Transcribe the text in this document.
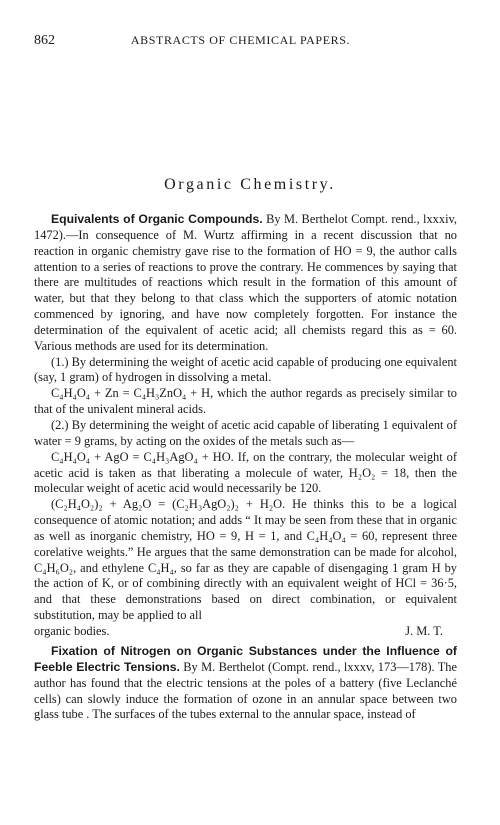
862	ABSTRACTS OF CHEMICAL PAPERS.
Organic Chemistry.

Equivalents of Organic Compounds. By M. Berthelot Compt. rend., lxxxiv, 1472).—In consequence of M. Wurtz affirming in a recent discussion that no reaction in organic chemistry gave rise to the formation of HO = 9, the author calls attention to a series of reactions to prove the contrary. He commences by saying that there are multitudes of reactions which result in the formation of this amount of water, but that they belong to that class which the supporters of atomic notation commenced by ignoring, and have now completely forgotten. For instance the determination of the equivalent of acetic acid; all chemists regard this as = 60. Various methods are used for its determination.

(1.) By determining the weight of acetic acid capable of producing one equivalent (say, 1 gram) of hydrogen in dissolving a metal.

C₄H₄O₄ + Zn = C₄H₃ZnO₄ + H, which the author regards as precisely similar to that of the univalent mineral acids.

(2.) By determining the weight of acetic acid capable of liberating 1 equivalent of water = 9 grams, by acting on the oxides of the metals such as—

C₄H₄O₄ + AgO = C₄H₃AgO₄ + HO. If, on the contrary, the molecular weight of acetic acid is taken as that liberating a molecule of water, H₂O₂ = 18, then the molecular weight of acetic acid would necessarily be 120.

(C₂H₄O₂)₂ + Ag₂O = (C₂H₃AgO₂)₂ + H₂O. He thinks this to be a logical consequence of atomic notation; and adds “ It may be seen from these that in organic as well as inorganic chemistry, HO = 9, H = 1, and C₄H₄O₄ = 60, represent three corelative weights.” He argues that the same demonstration can be made for alcohol, C₄H₆O₂, and ethylene C₄H₄, so far as they are capable of disengaging 1 gram H by the action of K, or of combining directly with an equivalent weight of HCl = 36·5, and that these demonstrations based on direct combination, or equivalent substitution, may be applied to all

organic bodies.	J. M. T.

Fixation of Nitrogen on Organic Substances under the Influence of Feeble Electric Tensions. By M. Berthelot (Compt. rend., lxxxv, 173—178). The author has found that the electric tensions at the poles of a battery (five Leclanché cells) can slowly induce the formation of ozone in an annular space between two glass tube . The surfaces of the tubes external to the annular space, instead of
